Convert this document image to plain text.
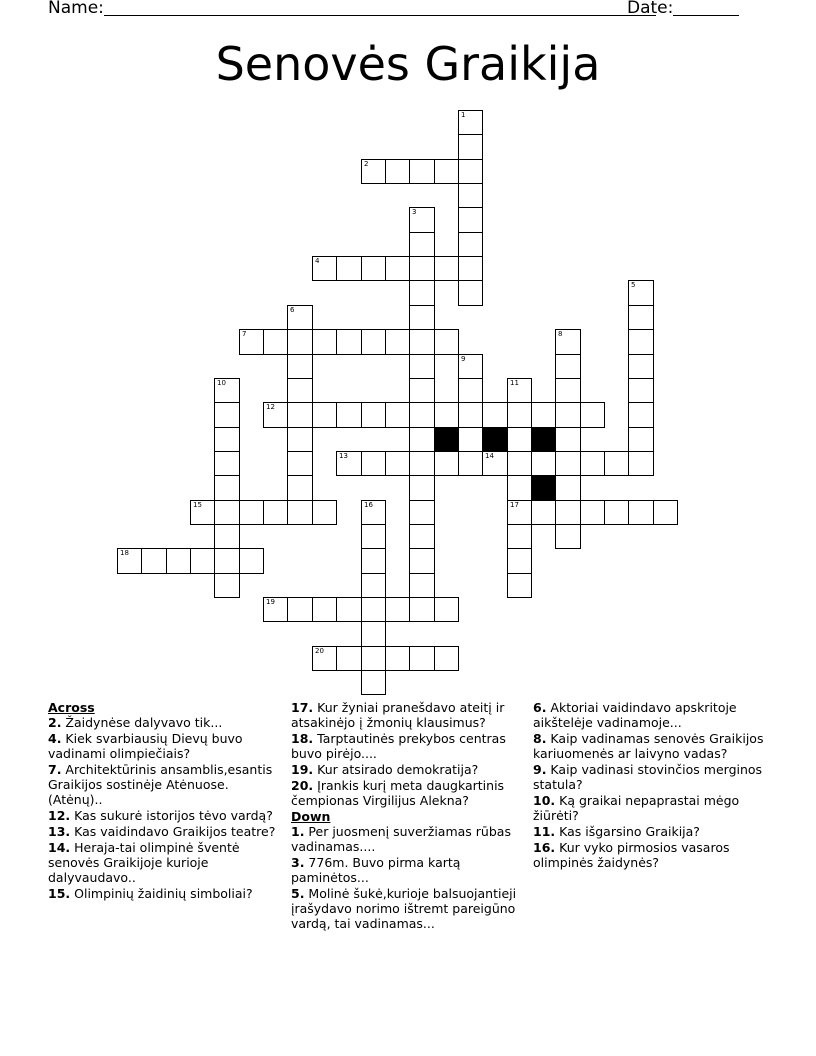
Name:	Date:
Senovės Graikija
2
4
7
12
13	14
15	17
18
19
20
1
3
5
6
8
9
10	11
16
Across
2. Žaidynėse dalyvavo tik...
4. Kiek svarbiausių Dievų buvo vadinami olimpiečiais?
7. Architektūrinis ansamblis,esantis Graikijos sostinėje Atėnuose. (Atėnų)..
12. Kas sukurė istorijos tėvo vardą?
13. Kas vaidindavo Graikijos teatre?
14. Heraja-tai olimpinė šventė senovės Graikijoje kurioje dalyvaudavo..
15. Olimpinių žaidinių simboliai?
17. Kur žyniai pranešdavo ateitį ir atsakinėjo į žmonių klausimus?
18. Tarptautinės prekybos centras buvo pirėjo....
19. Kur atsirado demokratija?
20. Įrankis kurį meta daugkartinis čempionas Virgilijus Alekna?
Down
1. Per juosmenį suveržiamas rūbas vadinamas....
3. 776m. Buvo pirma kartą paminėtos...
5. Molinė šukė,kurioje balsuojantieji įrašydavo norimo ištremt pareigūno vardą, tai vadinamas...
6. Aktoriai vaidindavo apskritoje aikštelėje vadinamoje...
8. Kaip vadinamas senovės Graikijos kariuomenės ar laivyno vadas?
9. Kaip vadinasi stovinčios merginos statula?
10. Ką graikai nepaprastai mėgo žiūrėti?
11. Kas išgarsino Graikija?
16. Kur vyko pirmosios vasaros olimpinės žaidynės?
